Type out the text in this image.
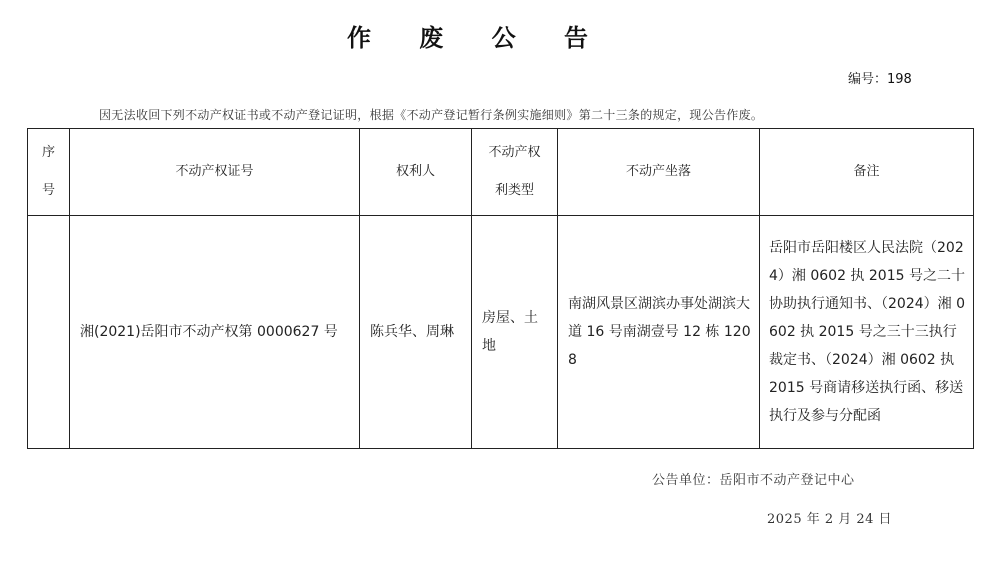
作 废 公 告
编号：198
因无法收回下列不动产权证书或不动产登记证明，根据《不动产登记暂行条例实施细则》第二十三条的规定，现公告作废。
序号	不动产权证号	权利人	不动产权利类型	不动产坐落	备注

	湘(2021)岳阳市不动产权第 0000627 号	陈兵华、周琳	房屋、土地	南湖风景区湖滨办事处湖滨大道 16 号南湖壹号 12 栋 1208	岳阳市岳阳楼区人民法院（2024）湘 0602 执 2015 号之二十协助执行通知书、（2024）湘 0602 执 2015 号之三十三执行裁定书、（2024）湘 0602 执 2015 号商请移送执行函、移送执行及参与分配函
公告单位：岳阳市不动产登记中心
2025 年 2 月 24 日
